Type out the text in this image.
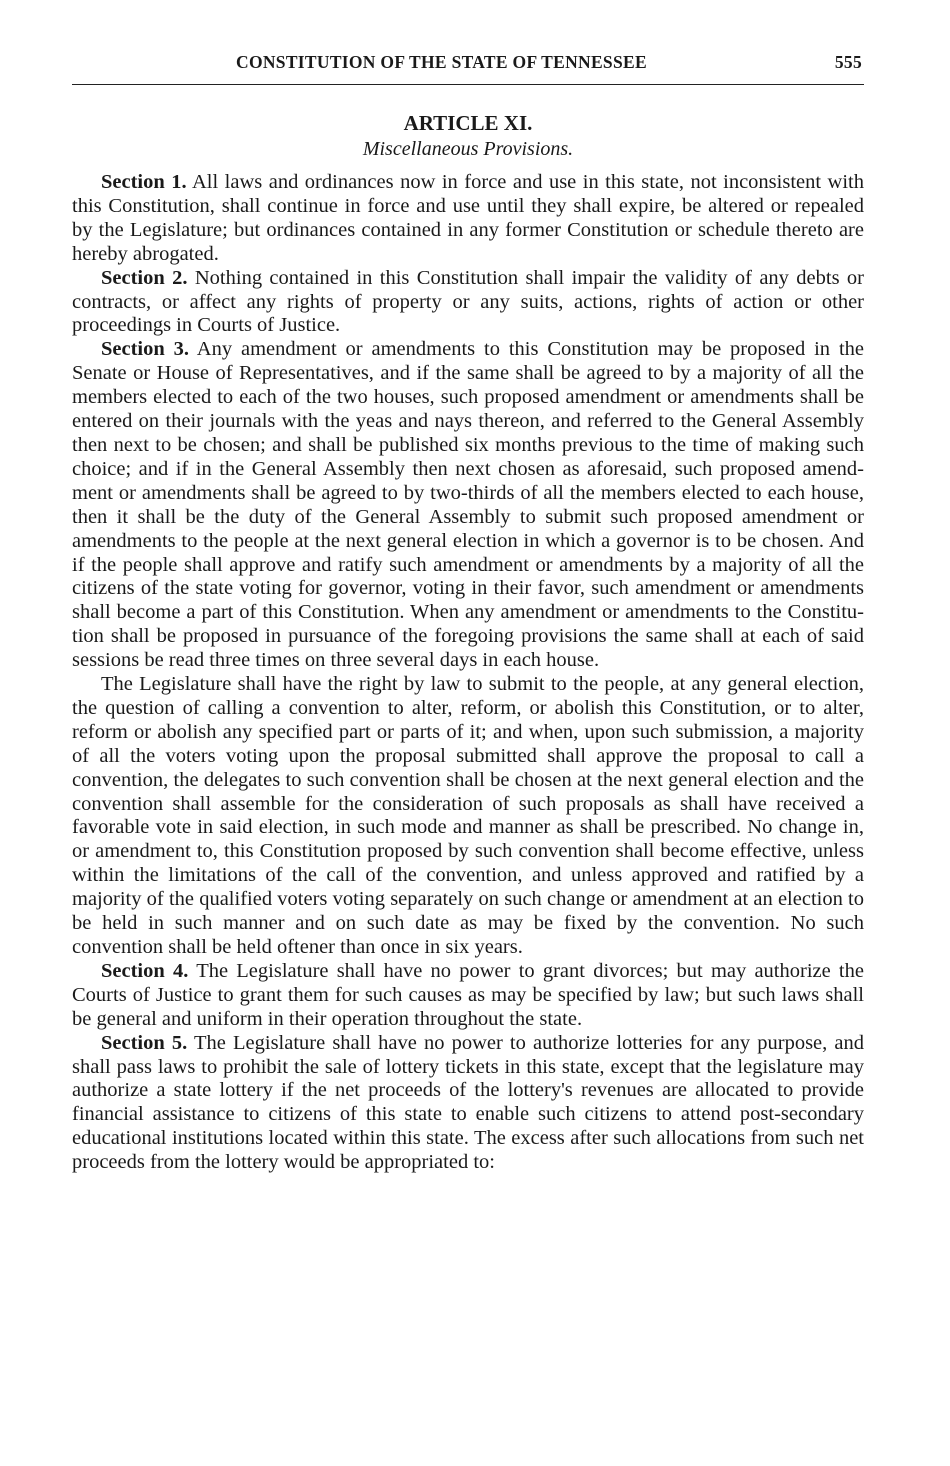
CONSTITUTION OF THE STATE OF TENNESSEE	555
ARTICLE XI.
Miscellaneous Provisions.

Section 1. All laws and ordinances now in force and use in this state, not inconsistent with this Constitution, shall continue in force and use until they shall expire, be altered or repealed by the Legislature; but ordinances contained in any former Constitution or schedule thereto are hereby abrogated.

Section 2. Nothing contained in this Constitution shall impair the validity of any debts or contracts, or affect any rights of property or any suits, actions, rights of action or other proceedings in Courts of Justice.

Section 3. Any amendment or amendments to this Constitution may be proposed in the Senate or House of Representatives, and if the same shall be agreed to by a majority of all the members elected to each of the two houses, such proposed amendment or amendments shall be entered on their journals with the yeas and nays thereon, and referred to the General Assembly then next to be chosen; and shall be published six months previous to the time of making such choice; and if in the General Assembly then next chosen as aforesaid, such proposed amendment or amendments shall be agreed to by two-thirds of all the members elected to each house, then it shall be the duty of the General Assembly to submit such proposed amendment or amendments to the people at the next general election in which a governor is to be chosen. And if the people shall approve and ratify such amendment or amendments by a majority of all the citizens of the state voting for governor, voting in their favor, such amendment or amendments shall become a part of this Constitution. When any amendment or amendments to the Constitution shall be proposed in pursuance of the foregoing provisions the same shall at each of said sessions be read three times on three several days in each house.

The Legislature shall have the right by law to submit to the people, at any general election, the question of calling a convention to alter, reform, or abolish this Constitution, or to alter, reform or abolish any specified part or parts of it; and when, upon such submission, a majority of all the voters voting upon the proposal submitted shall approve the proposal to call a convention, the delegates to such convention shall be chosen at the next general election and the convention shall assemble for the consideration of such proposals as shall have received a favorable vote in said election, in such mode and manner as shall be prescribed. No change in, or amendment to, this Constitution proposed by such convention shall become effective, unless within the limitations of the call of the convention, and unless approved and ratified by a majority of the qualified voters voting separately on such change or amendment at an election to be held in such manner and on such date as may be fixed by the convention. No such convention shall be held oftener than once in six years.

Section 4. The Legislature shall have no power to grant divorces; but may authorize the Courts of Justice to grant them for such causes as may be specified by law; but such laws shall be general and uniform in their operation throughout the state.

Section 5. The Legislature shall have no power to authorize lotteries for any purpose, and shall pass laws to prohibit the sale of lottery tickets in this state, except that the legislature may authorize a state lottery if the net proceeds of the lottery's revenues are allocated to provide financial assistance to citizens of this state to enable such citizens to attend post-secondary educational institutions located within this state. The excess after such allocations from such net proceeds from the lottery would be appropriated to:
